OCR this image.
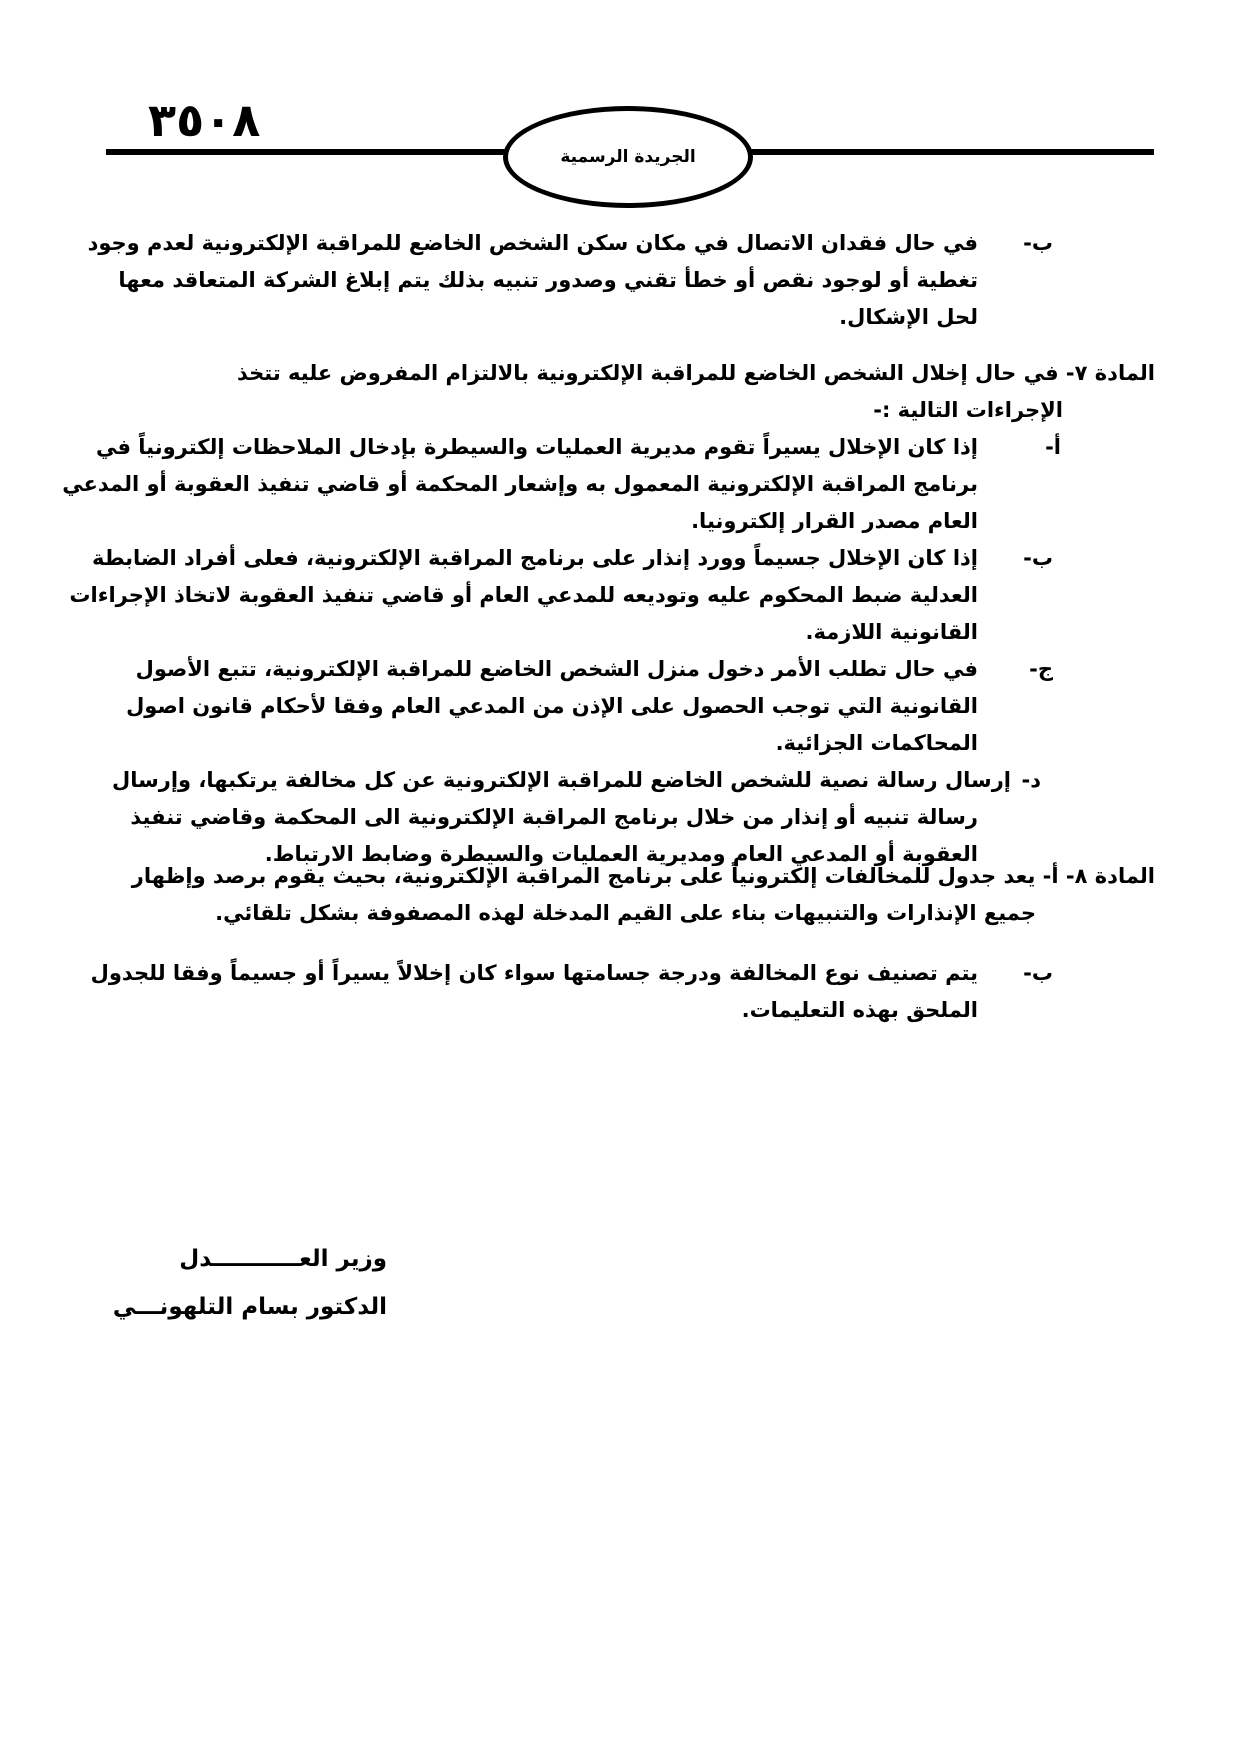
٣٥٠٨
الجريدة الرسمية
ب-
في حال فقدان الاتصال في مكان سكن الشخص الخاضع للمراقبة الإلكترونية لعدم وجود
تغطية أو لوجود نقص أو خطأ تقني وصدور تنبيه بذلك يتم إبلاغ الشركة المتعاقد معها
لحل الإشكال.
المادة ٧- في حال إخلال الشخص الخاضع للمراقبة الإلكترونية بالالتزام المفروض عليه تتخذ
الإجراءات التالية :-
أ-
إذا كان الإخلال يسيراً تقوم مديرية العمليات والسيطرة بإدخال الملاحظات إلكترونياً في
برنامج المراقبة الإلكترونية المعمول به وإشعار المحكمة أو قاضي تنفيذ العقوبة أو المدعي
العام مصدر القرار إلكترونيا.
ب-
إذا كان الإخلال جسيماً وورد إنذار على برنامج المراقبة الإلكترونية، فعلى أفراد الضابطة
العدلية ضبط المحكوم عليه وتوديعه للمدعي العام أو قاضي تنفيذ العقوبة لاتخاذ الإجراءات
القانونية اللازمة.
ج-
في حال تطلب الأمر دخول منزل الشخص الخاضع للمراقبة الإلكترونية، تتبع الأصول
القانونية التي توجب الحصول على الإذن من المدعي العام وفقا لأحكام قانون اصول
المحاكمات الجزائية.
د-
إرسال رسالة نصية للشخص الخاضع للمراقبة الإلكترونية عن كل مخالفة يرتكبها، وإرسال
رسالة تنبيه أو إنذار من خلال برنامج المراقبة الإلكترونية الى المحكمة وقاضي تنفيذ
العقوبة أو المدعي العام ومديرية العمليات والسيطرة وضابط الارتباط.
المادة ٨- أ- يعد جدول للمخالفات إلكترونياً على برنامج المراقبة الإلكترونية، بحيث يقوم برصد وإظهار
جميع الإنذارات والتنبيهات بناء على القيم المدخلة لهذه المصفوفة بشكل تلقائي.
ب-
يتم تصنيف نوع المخالفة ودرجة جسامتها سواء كان إخلالاً يسيراً أو جسيماً وفقا للجدول
الملحق بهذه التعليمات.
وزير العـــــــــــدل
الدكتور بسام التلهونـــي
